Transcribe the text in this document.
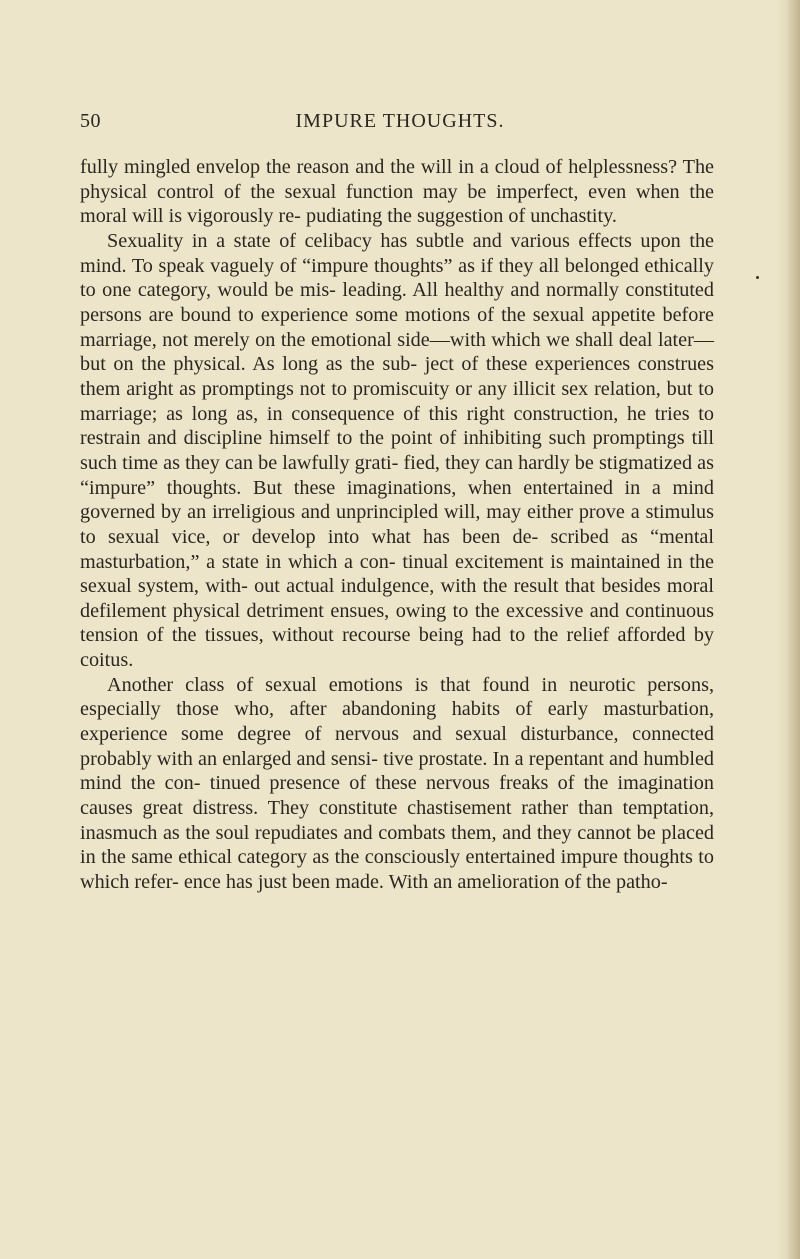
50	IMPURE THOUGHTS.

fully mingled envelop the reason and the will in a cloud of helplessness? The physical control of the sexual function may be imperfect, even when the moral will is vigorously re- pudiating the suggestion of unchastity.

Sexuality in a state of celibacy has subtle and various effects upon the mind. To speak vaguely of “impure thoughts” as if they all belonged ethically to one category, would be mis- leading. All healthy and normally constituted persons are bound to experience some motions of the sexual appetite before marriage, not merely on the emotional side—with which we shall deal later—but on the physical. As long as the sub- ject of these experiences construes them aright as promptings not to promiscuity or any illicit sex relation, but to marriage; as long as, in consequence of this right construction, he tries to restrain and discipline himself to the point of inhibiting such promptings till such time as they can be lawfully grati- fied, they can hardly be stigmatized as “impure” thoughts. But these imaginations, when entertained in a mind governed by an irreligious and unprincipled will, may either prove a stimulus to sexual vice, or develop into what has been de- scribed as “mental masturbation,” a state in which a con- tinual excitement is maintained in the sexual system, with- out actual indulgence, with the result that besides moral defilement physical detriment ensues, owing to the excessive and continuous tension of the tissues, without recourse being had to the relief afforded by coitus.

Another class of sexual emotions is that found in neurotic persons, especially those who, after abandoning habits of early masturbation, experience some degree of nervous and sexual disturbance, connected probably with an enlarged and sensi- tive prostate. In a repentant and humbled mind the con- tinued presence of these nervous freaks of the imagination causes great distress. They constitute chastisement rather than temptation, inasmuch as the soul repudiates and combats them, and they cannot be placed in the same ethical category as the consciously entertained impure thoughts to which refer- ence has just been made. With an amelioration of the patho-
